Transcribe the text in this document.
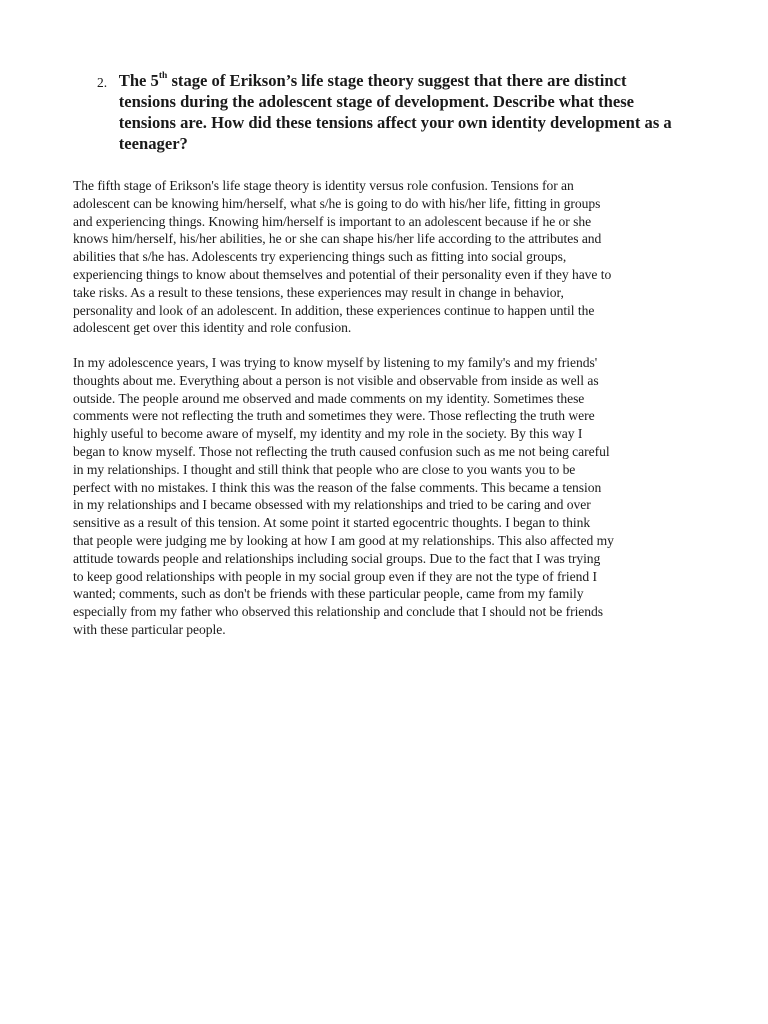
2. The 5th stage of Erikson’s life stage theory suggest that there are distinct
tensions during the adolescent stage of development. Describe what these
tensions are. How did these tensions affect your own identity development as a
teenager?
The fifth stage of Erikson's life stage theory is identity versus role confusion. Tensions for an
adolescent can be knowing him/herself, what s/he is going to do with his/her life, fitting in groups
and experiencing things. Knowing him/herself is important to an adolescent because if he or she
knows him/herself, his/her abilities, he or she can shape his/her life according to the attributes and
abilities that s/he has. Adolescents try experiencing things such as fitting into social groups,
experiencing things to know about themselves and potential of their personality even if they have to
take risks. As a result to these tensions, these experiences may result in change in behavior,
personality and look of an adolescent. In addition, these experiences continue to happen until the
adolescent get over this identity and role confusion.
In my adolescence years, I was trying to know myself by listening to my family's and my friends'
thoughts about me. Everything about a person is not visible and observable from inside as well as
outside. The people around me observed and made comments on my identity. Sometimes these
comments were not reflecting the truth and sometimes they were. Those reflecting the truth were
highly useful to become aware of myself, my identity and my role in the society. By this way I
began to know myself. Those not reflecting the truth caused confusion such as me not being careful
in my relationships. I thought and still think that people who are close to you wants you to be
perfect with no mistakes. I think this was the reason of the false comments. This became a tension
in my relationships and I became obsessed with my relationships and tried to be caring and over
sensitive as a result of this tension. At some point it started egocentric thoughts. I began to think
that people were judging me by looking at how I am good at my relationships. This also affected my
attitude towards people and relationships including social groups. Due to the fact that I was trying
to keep good relationships with people in my social group even if they are not the type of friend I
wanted; comments, such as don't be friends with these particular people, came from my family
especially from my father who observed this relationship and conclude that I should not be friends
with these particular people.
